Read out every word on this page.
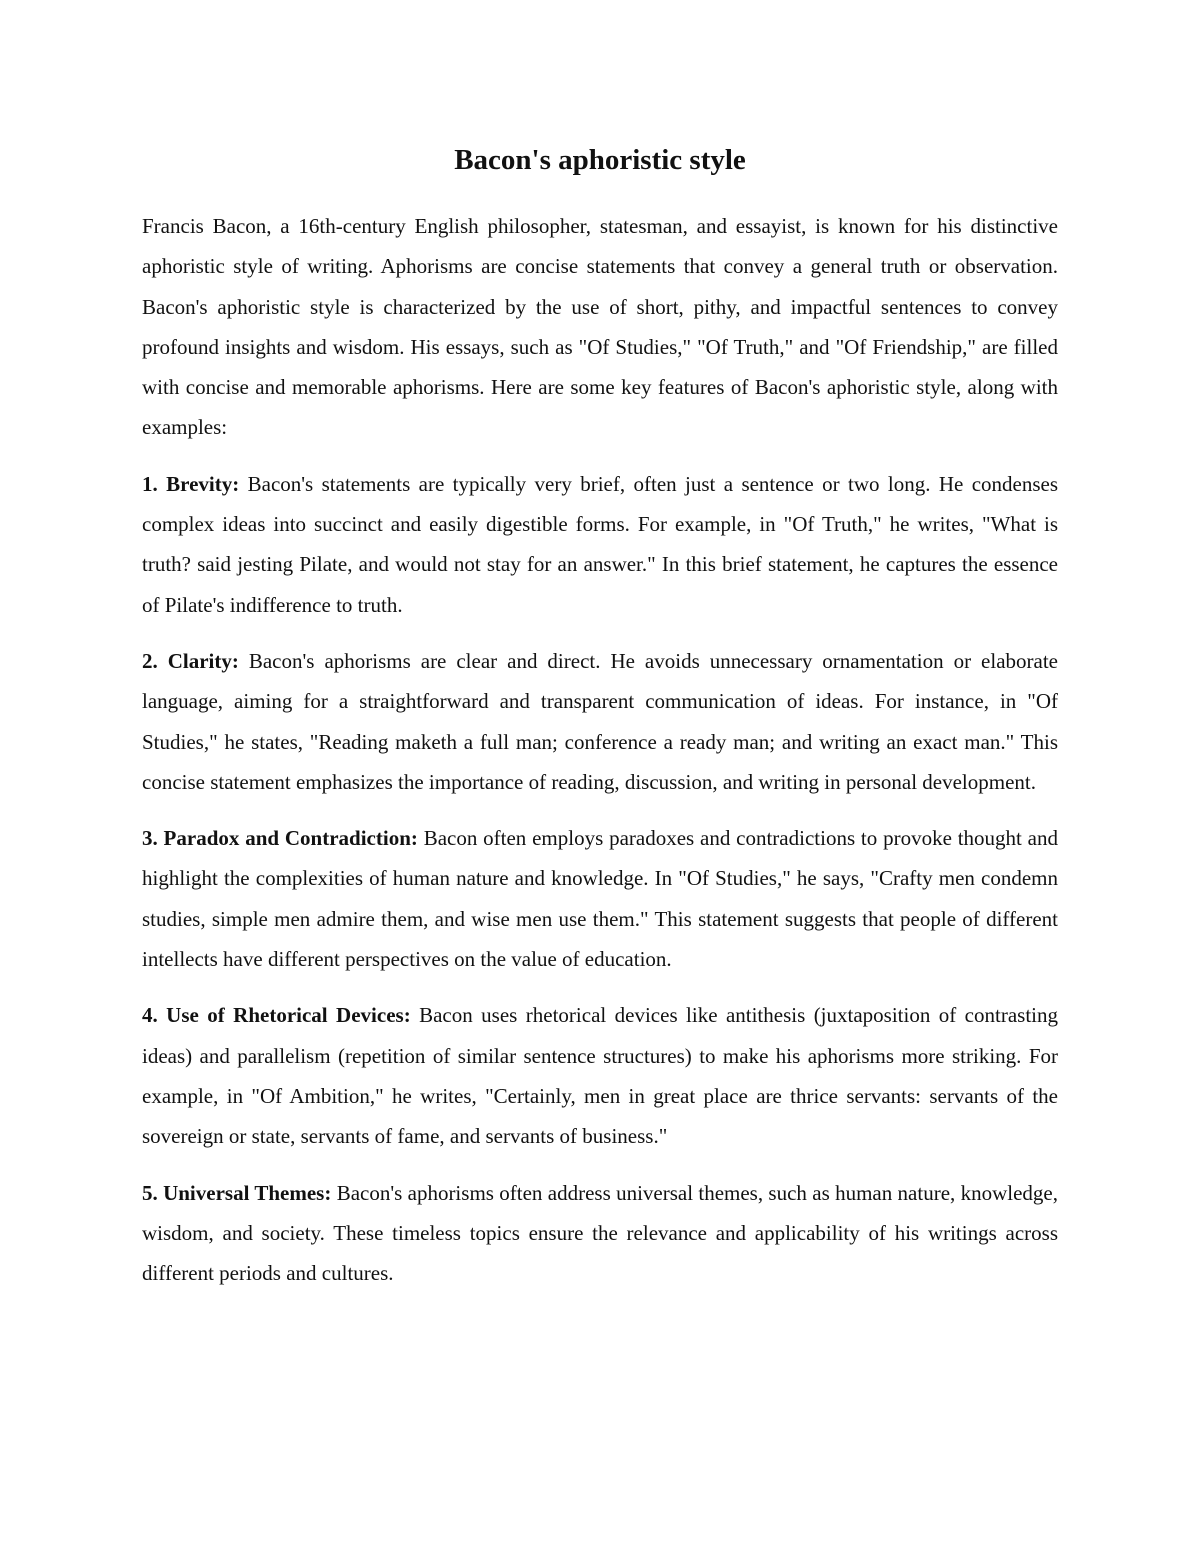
Bacon's aphoristic style

Francis Bacon, a 16th-century English philosopher, statesman, and essayist, is known for his distinctive aphoristic style of writing. Aphorisms are concise statements that convey a general truth or observation. Bacon's aphoristic style is characterized by the use of short, pithy, and impactful sentences to convey profound insights and wisdom. His essays, such as "Of Studies," "Of Truth," and "Of Friendship," are filled with concise and memorable aphorisms. Here are some key features of Bacon's aphoristic style, along with examples:

1. Brevity: Bacon's statements are typically very brief, often just a sentence or two long. He condenses complex ideas into succinct and easily digestible forms. For example, in "Of Truth," he writes, "What is truth? said jesting Pilate, and would not stay for an answer." In this brief statement, he captures the essence of Pilate's indifference to truth.

2. Clarity: Bacon's aphorisms are clear and direct. He avoids unnecessary ornamentation or elaborate language, aiming for a straightforward and transparent communication of ideas. For instance, in "Of Studies," he states, "Reading maketh a full man; conference a ready man; and writing an exact man." This concise statement emphasizes the importance of reading, discussion, and writing in personal development.

3. Paradox and Contradiction: Bacon often employs paradoxes and contradictions to provoke thought and highlight the complexities of human nature and knowledge. In "Of Studies," he says, "Crafty men condemn studies, simple men admire them, and wise men use them." This statement suggests that people of different intellects have different perspectives on the value of education.

4. Use of Rhetorical Devices: Bacon uses rhetorical devices like antithesis (juxtaposition of contrasting ideas) and parallelism (repetition of similar sentence structures) to make his aphorisms more striking. For example, in "Of Ambition," he writes, "Certainly, men in great place are thrice servants: servants of the sovereign or state, servants of fame, and servants of business."

5. Universal Themes: Bacon's aphorisms often address universal themes, such as human nature, knowledge, wisdom, and society. These timeless topics ensure the relevance and applicability of his writings across different periods and cultures.
